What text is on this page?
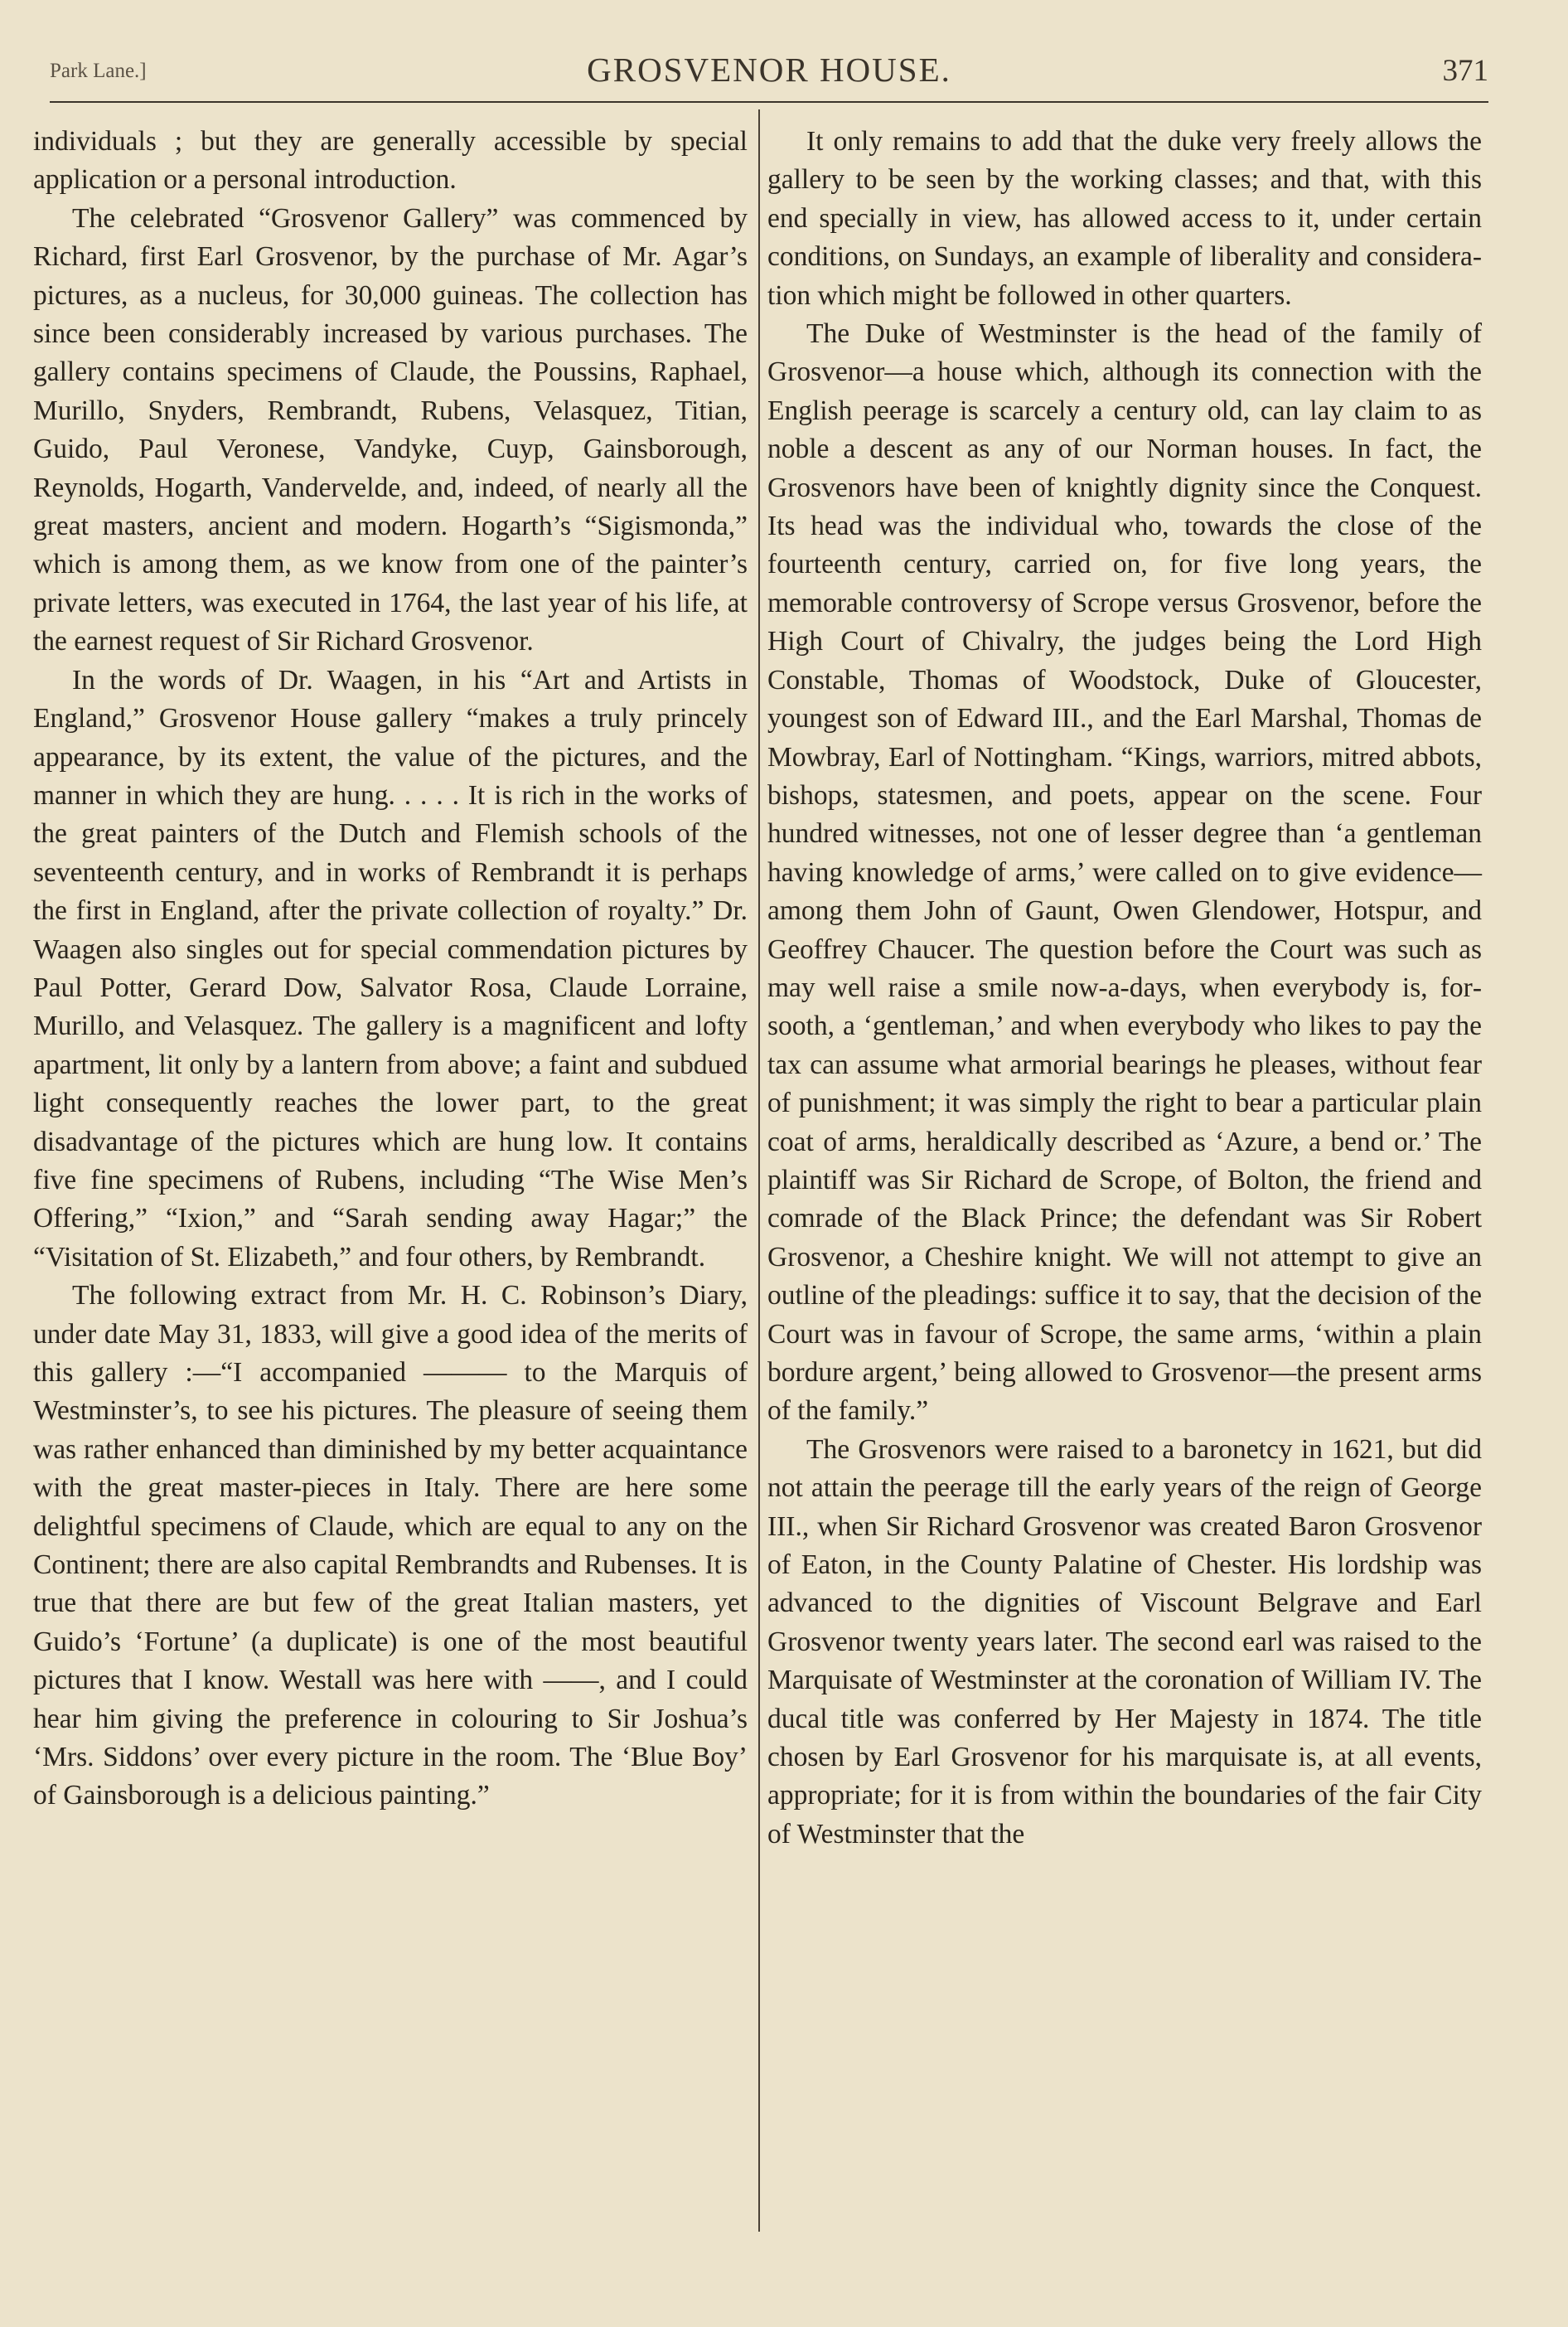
Park Lane.]	GROSVENOR HOUSE.	371

individuals ; but they are generally accessible by special application or a personal introduction.

The celebrated “Grosvenor Gallery” was commenced by Richard, first Earl Grosvenor, by the purchase of Mr. Agar’s pictures, as a nucleus, for 30,000 guineas. The collection has since been considerably increased by various purchases. The gallery contains specimens of Claude, the Poussins, Raphael, Murillo, Snyders, Rembrandt, Rubens, Velasquez, Titian, Guido, Paul Veronese, Vandyke, Cuyp, Gainsborough, Reynolds, Hogarth, Vandervelde, and, indeed, of nearly all the great masters, ancient and modern. Hogarth’s “Sigismonda,” which is among them, as we know from one of the painter’s private letters, was executed in 1764, the last year of his life, at the earnest request of Sir Richard Grosvenor.

In the words of Dr. Waagen, in his “Art and Artists in England,” Grosvenor House gallery “makes a truly princely appearance, by its extent, the value of the pictures, and the manner in which they are hung. . . . . It is rich in the works of the great painters of the Dutch and Flemish schools of the seventeenth century, and in works of Rembrandt it is perhaps the first in England, after the private collection of royalty.” Dr. Waagen also singles out for special commendation pictures by Paul Potter, Gerard Dow, Salvator Rosa, Claude Lorraine, Murillo, and Velasquez. The gallery is a magnificent and lofty apartment, lit only by a lantern from above; a faint and subdued light consequently reaches the lower part, to the great disadvantage of the pictures which are hung low. It contains five fine specimens of Rubens, including “The Wise Men’s Offering,” “Ixion,” and “Sarah sending away Hagar;” the “Visitation of St. Elizabeth,” and four others, by Rembrandt.

The following extract from Mr. H. C. Robinson’s Diary, under date May 31, 1833, will give a good idea of the merits of this gallery :—“I accompanied ——— to the Marquis of Westminster’s, to see his pictures. The pleasure of seeing them was rather enhanced than diminished by my better acquaintance with the great master-pieces in Italy. There are here some delightful specimens of Claude, which are equal to any on the Continent; there are also capital Rembrandts and Rubenses. It is true that there are but few of the great Italian masters, yet Guido’s ‘Fortune’ (a duplicate) is one of the most beautiful pictures that I know. Westall was here with ——, and I could hear him giving the preference in colouring to Sir Joshua’s ‘Mrs. Siddons’ over every picture in the room. The ‘Blue Boy’ of Gainsborough is a delicious painting.”

It only remains to add that the duke very freely allows the gallery to be seen by the working classes; and that, with this end specially in view, has allowed access to it, under certain conditions, on Sundays, an example of liberality and consideration which might be followed in other quarters.

The Duke of Westminster is the head of the family of Grosvenor—a house which, although its connection with the English peerage is scarcely a century old, can lay claim to as noble a descent as any of our Norman houses. In fact, the Grosvenors have been of knightly dignity since the Conquest. Its head was the individual who, towards the close of the fourteenth century, carried on, for five long years, the memorable controversy of Scrope versus Grosvenor, before the High Court of Chivalry, the judges being the Lord High Constable, Thomas of Woodstock, Duke of Gloucester, youngest son of Edward III., and the Earl Marshal, Thomas de Mowbray, Earl of Nottingham. “Kings, warriors, mitred abbots, bishops, statesmen, and poets, appear on the scene. Four hundred witnesses, not one of lesser degree than ‘a gentleman having knowledge of arms,’ were called on to give evidence—among them John of Gaunt, Owen Glendower, Hotspur, and Geoffrey Chaucer. The question before the Court was such as may well raise a smile now-a-days, when everybody is, forsooth, a ‘gentleman,’ and when everybody who likes to pay the tax can assume what armorial bearings he pleases, without fear of punishment; it was simply the right to bear a particular plain coat of arms, heraldically described as ‘Azure, a bend or.’ The plaintiff was Sir Richard de Scrope, of Bolton, the friend and comrade of the Black Prince; the defendant was Sir Robert Grosvenor, a Cheshire knight. We will not attempt to give an outline of the pleadings: suffice it to say, that the decision of the Court was in favour of Scrope, the same arms, ‘within a plain bordure argent,’ being allowed to Grosvenor—the present arms of the family.”

The Grosvenors were raised to a baronetcy in 1621, but did not attain the peerage till the early years of the reign of George III., when Sir Richard Grosvenor was created Baron Grosvenor of Eaton, in the County Palatine of Chester. His lordship was advanced to the dignities of Viscount Belgrave and Earl Grosvenor twenty years later. The second earl was raised to the Marquisate of Westminster at the coronation of William IV. The ducal title was conferred by Her Majesty in 1874. The title chosen by Earl Grosvenor for his marquisate is, at all events, appropriate; for it is from within the boundaries of the fair City of Westminster that the
